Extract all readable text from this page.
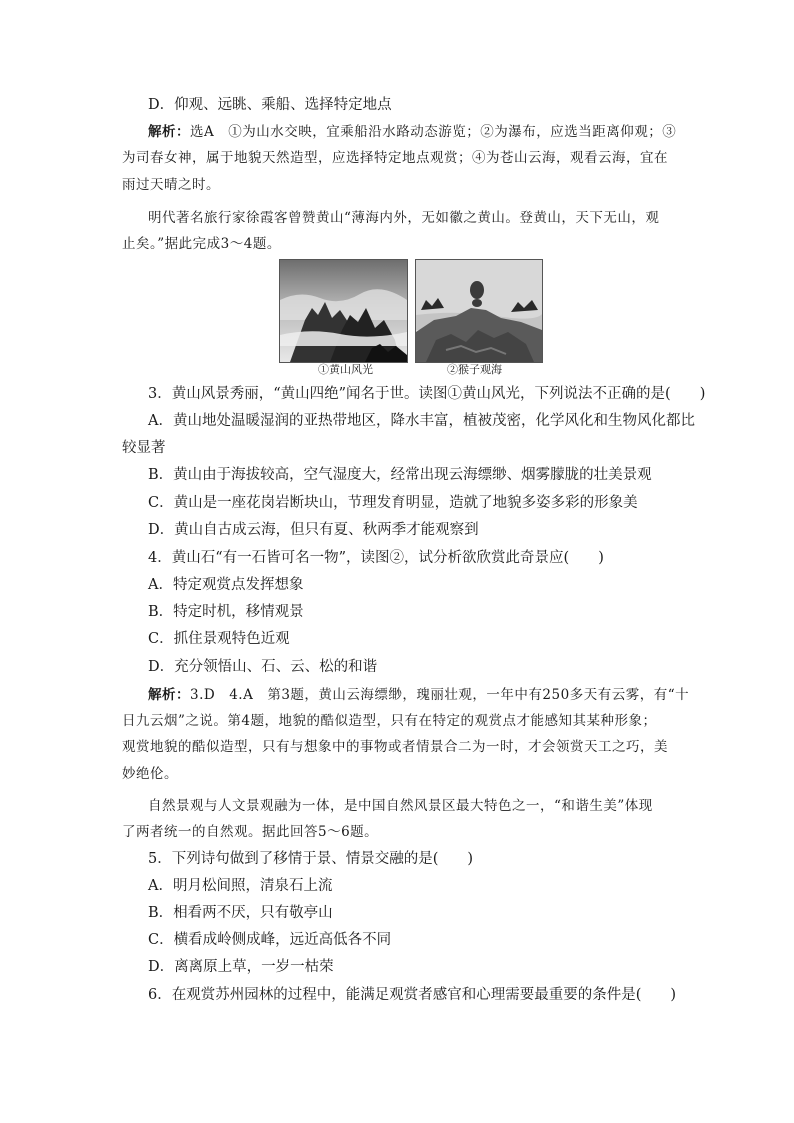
D．仰观、远眺、乘船、选择特定地点
解析：选A　①为山水交映，宜乘船沿水路动态游览；②为瀑布，应选当距离仰观；③
为司春女神，属于地貌天然造型，应选择特定地点观赏；④为苍山云海，观看云海，宜在
雨过天晴之时。
明代著名旅行家徐霞客曾赞黄山“薄海内外，无如徽之黄山。登黄山，天下无山，观
止矣。”据此完成3～4题。
3．黄山风景秀丽，“黄山四绝”闻名于世。读图①黄山风光，下列说法不正确的是(　　)
A．黄山地处温暖湿润的亚热带地区，降水丰富，植被茂密，化学风化和生物风化都比
较显著
B．黄山由于海拔较高，空气湿度大，经常出现云海缥缈、烟雾朦胧的壮美景观
C．黄山是一座花岗岩断块山，节理发育明显，造就了地貌多姿多彩的形象美
D．黄山自古成云海，但只有夏、秋两季才能观察到
4．黄山石“有一石皆可名一物”，读图②，试分析欲欣赏此奇景应(　　)
A．特定观赏点发挥想象
B．特定时机，移情观景
C．抓住景观特色近观
D．充分领悟山、石、云、松的和谐
解析：3.D　4.A　第3题，黄山云海缥缈，瑰丽壮观，一年中有250多天有云雾，有“十
日九云烟”之说。第4题，地貌的酷似造型，只有在特定的观赏点才能感知其某种形象；
观赏地貌的酷似造型，只有与想象中的事物或者情景合二为一时，才会领赏天工之巧，美
妙绝伦。
自然景观与人文景观融为一体，是中国自然风景区最大特色之一，“和谐生美”体现
了两者统一的自然观。据此回答5～6题。
5．下列诗句做到了移情于景、情景交融的是(　　)
A．明月松间照，清泉石上流
B．相看两不厌，只有敬亭山
C．横看成岭侧成峰，远近高低各不同
D．离离原上草，一岁一枯荣
6．在观赏苏州园林的过程中，能满足观赏者感官和心理需要最重要的条件是(　　)
①黄山风光	②猴子观海
